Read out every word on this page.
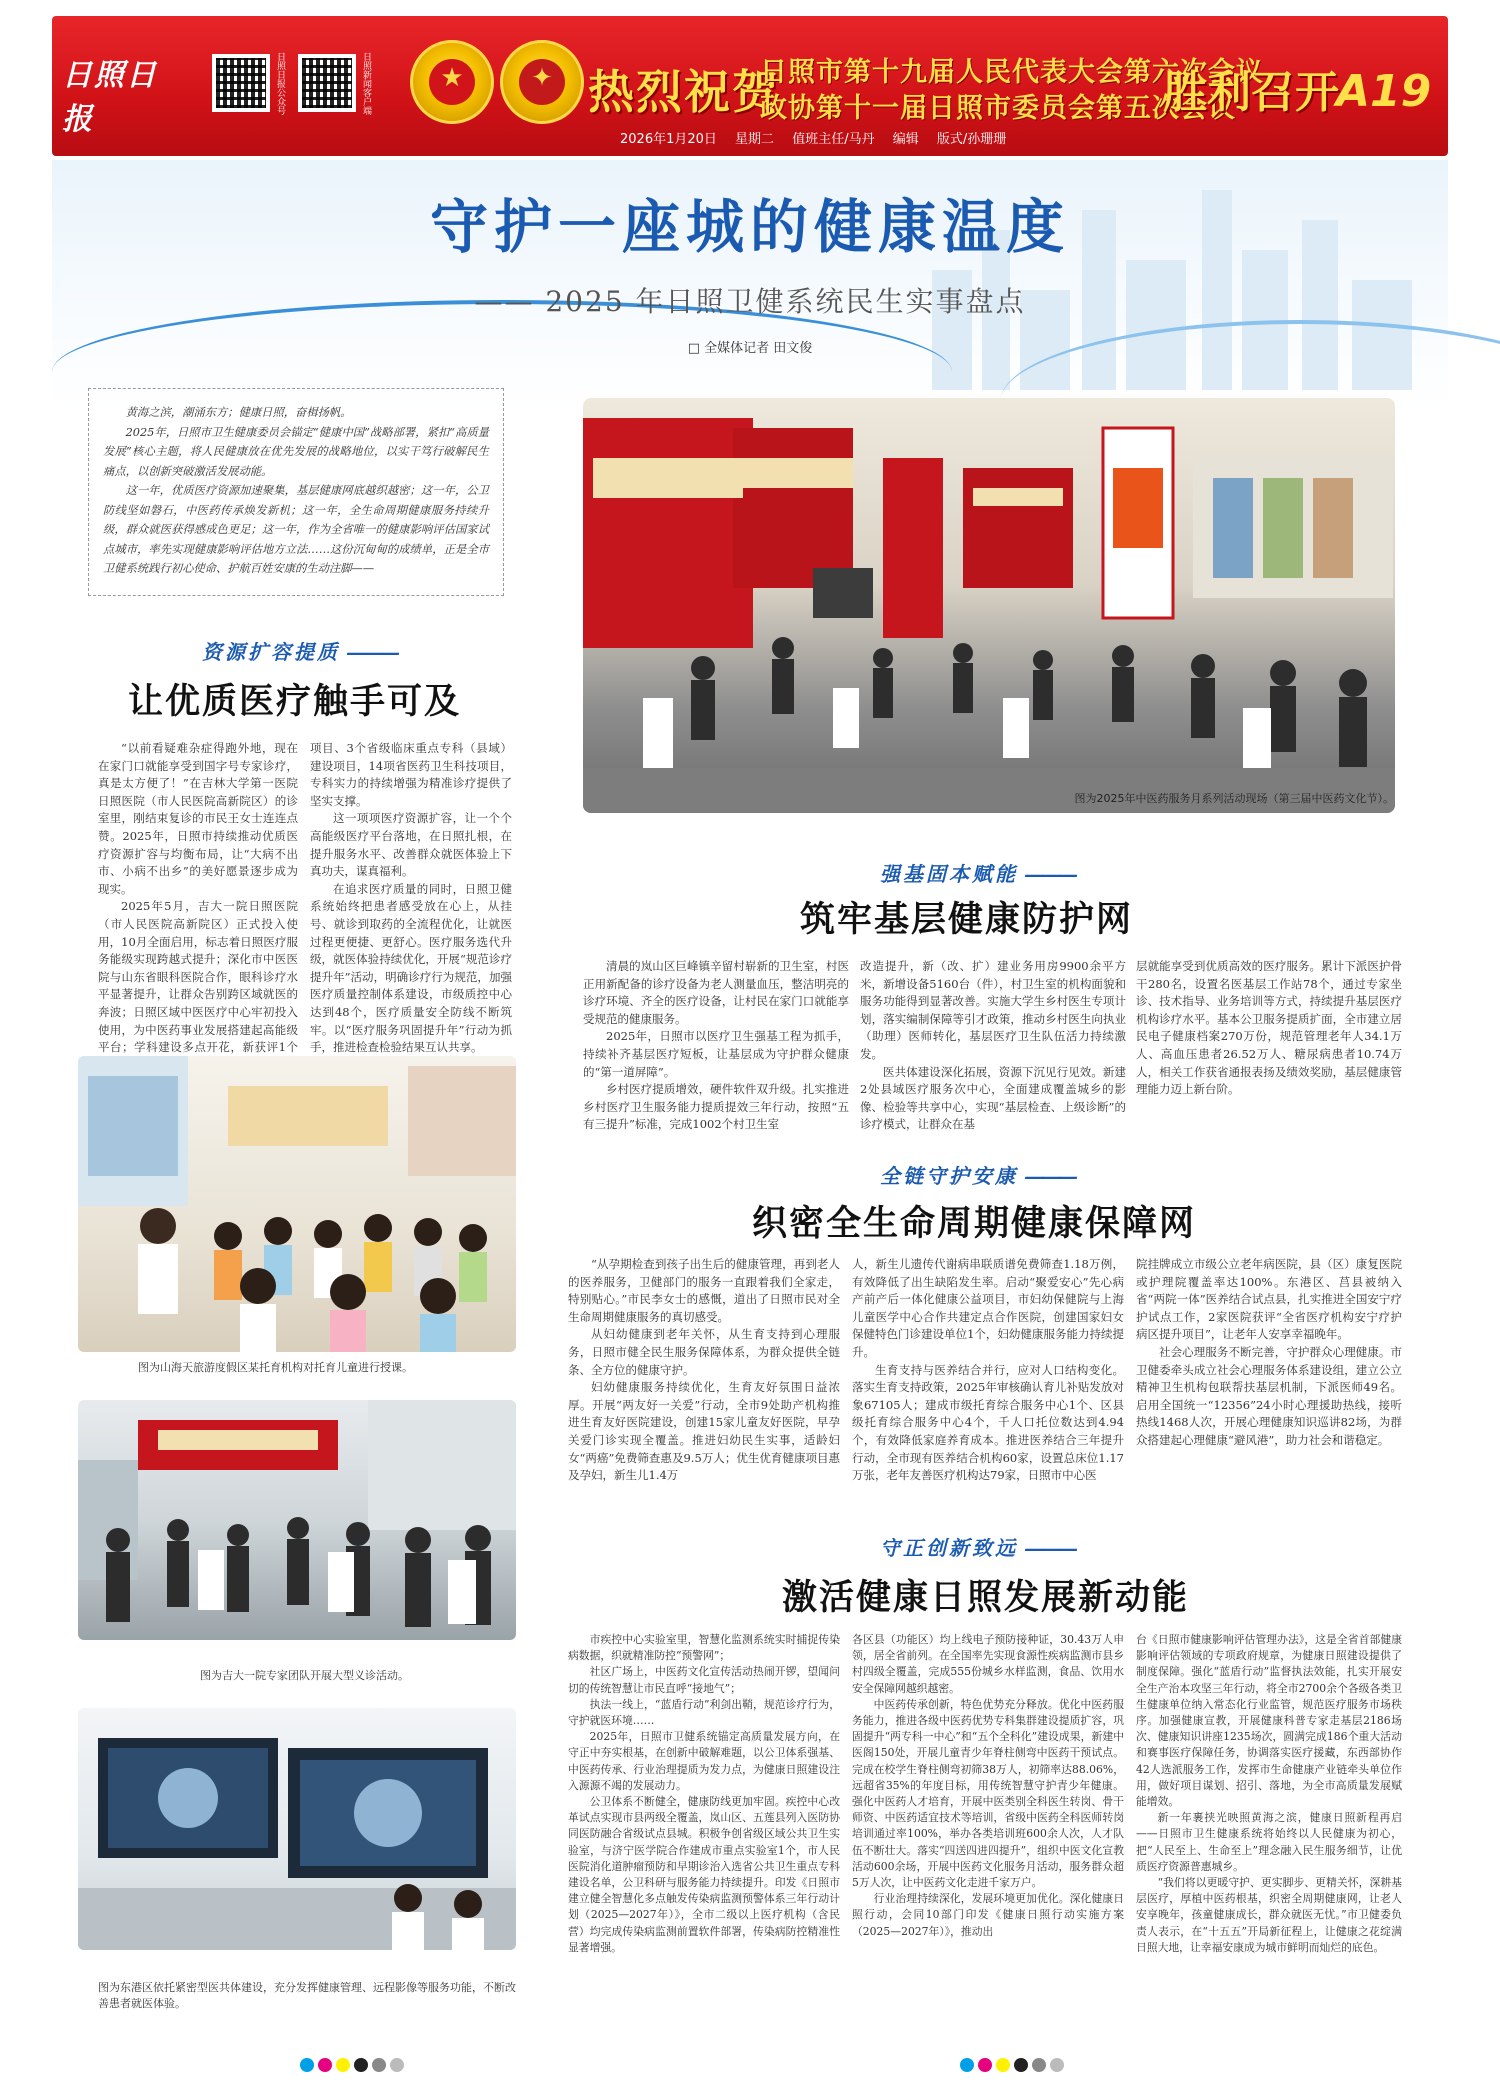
日照日报
日照日报公众号	日照新闻客户端	★	✦ 热烈祝贺
日照市第十九届人民代表大会第六次会议
政协第十一届日照市委员会第五次会议
胜利召开
A19
2026年1月20日 星期二 值班主任/马丹 编辑 版式/孙珊珊
守护一座城的健康温度
—— 2025 年日照卫健系统民生实事盘点
□ 全媒体记者 田文俊

黄海之滨，潮涌东方；健康日照，奋楫扬帆。

2025年，日照市卫生健康委员会锚定“健康中国”战略部署，紧扣“高质量发展”核心主题，将人民健康放在优先发展的战略地位，以实干笃行破解民生痛点，以创新突破激活发展动能。

这一年，优质医疗资源加速聚集，基层健康网底越织越密；这一年，公卫防线坚如磐石，中医药传承焕发新机；这一年，全生命周期健康服务持续升级，群众就医获得感成色更足；这一年，作为全省唯一的健康影响评估国家试点城市，率先实现健康影响评估地方立法……这份沉甸甸的成绩单，正是全市卫健系统践行初心使命、护航百姓安康的生动注脚——

图为2025年中医药服务月系列活动现场（第三届中医药文化节）。
资源扩容提质 ———
让优质医疗触手可及

“以前看疑难杂症得跑外地，现在在家门口就能享受到国字号专家诊疗，真是太方便了！”在吉林大学第一医院日照医院（市人民医院高新院区）的诊室里，刚结束复诊的市民王女士连连点赞。2025年，日照市持续推动优质医疗资源扩容与均衡布局，让“大病不出市、小病不出乡”的美好愿景逐步成为现实。

2025年5月，吉大一院日照医院（市人民医院高新院区）正式投入使用，10月全面启用，标志着日照医疗服务能级实现跨越式提升；深化市中医医院与山东省眼科医院合作，眼科诊疗水平显著提升，让群众告别跨区域就医的奔波；日照区域中医医疗中心牢初投入使用，为中医药事业发展搭建起高能级平台；学科建设多点开花，新获评1个

项目、3个省级临床重点专科（县域）建设项目，14项省医药卫生科技项目，专科实力的持续增强为精准诊疗提供了坚实支撑。

这一项项医疗资源扩容，让一个个高能级医疗平台落地，在日照扎根，在提升服务水平、改善群众就医体验上下真功夫，谋真福利。

在追求医疗质量的同时，日照卫健系统始终把患者感受放在心上，从挂号、就诊到取药的全流程优化，让就医过程更便捷、更舒心。医疗服务选代升级，就医体验持续优化，开展“规范诊疗提升年”活动，明确诊疗行为规范，加强医疗质量控制体系建设，市级质控中心达到48个，医疗质量安全防线不断筑牢。以“医疗服务巩固提升年”行动为抓手，推进检查检验结果互认共享。

图为山海天旅游度假区某托育机构对托育儿童进行授课。
图为吉大一院专家团队开展大型义诊活动。
图为东港区依托紧密型医共体建设，充分发挥健康管理、远程影像等服务功能，不断改善患者就医体验。
强基固本赋能 ———
筑牢基层健康防护网

清晨的岚山区巨峰镇辛留村崭新的卫生室，村医正用新配备的诊疗设备为老人测量血压，整洁明亮的诊疗环境、齐全的医疗设备，让村民在家门口就能享受规范的健康服务。

2025年，日照市以医疗卫生强基工程为抓手，持续补齐基层医疗短板，让基层成为守护群众健康的“第一道屏障”。

乡村医疗提质增效，硬件软件双升级。扎实推进乡村医疗卫生服务能力提质提效三年行动，按照“五有三提升”标准，完成1002个村卫生室

改造提升，新（改、扩）建业务用房9900余平方米，新增设备5160台（件），村卫生室的机构面貌和服务功能得到显著改善。实施大学生乡村医生专项计划，落实编制保障等引才政策，推动乡村医生向执业（助理）医师转化，基层医疗卫生队伍活力持续激发。

医共体建设深化拓展，资源下沉见行见效。新建2处县域医疗服务次中心，全面建成覆盖城乡的影像、检验等共享中心，实现“基层检查、上级诊断”的诊疗模式，让群众在基

层就能享受到优质高效的医疗服务。累计下派医护骨干280名，设置名医基层工作站78个，通过专家坐诊、技术指导、业务培训等方式，持续提升基层医疗机构诊疗水平。基本公卫服务提质扩面，全市建立居民电子健康档案270万份，规范管理老年人34.1万人、高血压患者26.52万人、糖尿病患者10.74万人，相关工作获省通报表扬及绩效奖励，基层健康管理能力迈上新台阶。

全链守护安康 ———
织密全生命周期健康保障网

“从孕期检查到孩子出生后的健康管理，再到老人的医养服务，卫健部门的服务一直跟着我们全家走，特别贴心。”市民李女士的感慨，道出了日照市民对全生命周期健康服务的真切感受。

从妇幼健康到老年关怀，从生育支持到心理服务，日照市健全民生服务保障体系，为群众提供全链条、全方位的健康守护。

妇幼健康服务持续优化，生育友好氛围日益浓厚。开展“两友好一关爱”行动，全市9处助产机构推进生育友好医院建设，创建15家儿童友好医院，早孕关爱门诊实现全覆盖。推进妇幼民生实事，适龄妇女“两癌”免费筛查惠及9.5万人；优生优育健康项目惠及孕妇，新生儿1.4万

人，新生儿遗传代谢病串联质谱免费筛查1.18万例，有效降低了出生缺陷发生率。启动“聚爱安心”先心病产前产后一体化健康公益项目，市妇幼保健院与上海儿童医学中心合作共建定点合作医院，创建国家妇女保健特色门诊建设单位1个，妇幼健康服务能力持续提升。

生育支持与医养结合并行，应对人口结构变化。落实生育支持政策，2025年审核确认育儿补贴发放对象67105人；建成市级托育综合服务中心1个、区县级托育综合服务中心4个，千人口托位数达到4.94个，有效降低家庭养育成本。推进医养结合三年提升行动，全市现有医养结合机构60家，设置总床位1.17万张，老年友善医疗机构达79家，日照市中心医

院挂牌成立市级公立老年病医院，县（区）康复医院或护理院覆盖率达100%。东港区、莒县被纳入省“两院一体”医养结合试点县，扎实推进全国安宁疗护试点工作，2家医院获评“全省医疗机构安宁疗护病区提升项目”，让老年人安享幸福晚年。

社会心理服务不断完善，守护群众心理健康。市卫健委牵头成立社会心理服务体系建设组，建立公立精神卫生机构包联帮扶基层机制，下派医师49名。启用全国统一“12356”24小时心理援助热线，接听热线1468人次，开展心理健康知识巡讲82场，为群众搭建起心理健康“避风港”，助力社会和谐稳定。

守正创新致远 ———
激活健康日照发展新动能

市疾控中心实验室里，智慧化监测系统实时捕捉传染病数据，织就精准防控“预警网”；

社区广场上，中医药文化宣传活动热闹开锣，望闻问切的传统智慧让市民直呼“接地气”；

执法一线上，“蓝盾行动”利剑出鞘，规范诊疗行为，守护就医环境……

2025年，日照市卫健系统锚定高质量发展方向，在守正中夯实根基，在创新中破解难题，以公卫体系强基、中医药传承、行业治理提质为发力点，为健康日照建设注入源源不竭的发展动力。

公卫体系不断健全，健康防线更加牢固。疾控中心改革试点实现市县两级全覆盖，岚山区、五莲县列入医防协同医防融合省级试点县城。积极争创省级区域公共卫生实验室，与济宁医学院合作建成市重点实验室1个，市人民医院消化道肿瘤预防和早期诊治入选省公共卫生重点专科建设名单，公卫科研与服务能力持续提升。印发《日照市建立健全智慧化多点触发传染病监测预警体系三年行动计划（2025—2027年）》，全市二级以上医疗机构（含民营）均完成传染病监测前置软件部署，传染病防控精准性显著增强。

各区县（功能区）均上线电子预防接种证，30.43万人申领，居全省前列。在全国率先实现食源性疾病监测市县乡村四级全覆盖，完成555份城乡水样监测，食品、饮用水安全保障网越织越密。

中医药传承创新，特色优势充分释放。优化中医药服务能力，推进各级中医药优势专科集群建设提质扩容，巩固提升“两专科一中心”和“五个全科化”建设成果，新建中医阁150处，开展儿童青少年脊柱侧弯中医药干预试点。完成在校学生脊柱侧弯初筛38万人，初筛率达88.06%，远超省35%的年度目标，用传统智慧守护青少年健康。强化中医药人才培育，开展中医类别全科医生转岗、骨干师资、中医药适宜技术等培训，省级中医药全科医师转岗培训通过率100%，举办各类培训班600余人次，人才队伍不断壮大。落实“四送四进四提升”，组织中医文化宣教活动600余场，开展中医药文化服务月活动，服务群众超5万人次，让中医药文化走进千家万户。

行业治理持续深化，发展环境更加优化。深化健康日照行动，会同10部门印发《健康日照行动实施方案（2025—2027年）》，推动出

台《日照市健康影响评估管理办法》，这是全省首部健康影响评估领域的专项政府规章，为健康日照建设提供了制度保障。强化“蓝盾行动”监督执法效能，扎实开展安全生产治本攻坚三年行动，将全市2700余个各级各类卫生健康单位纳入常态化行业监管，规范医疗服务市场秩序。加强健康宣教，开展健康科普专家走基层2186场次、健康知识讲座1235场次，圆满完成186个重大活动和赛事医疗保障任务，协调落实医疗援藏，东西部协作42人选派服务工作，发挥市生命健康产业链牵头单位作用，做好项目谋划、招引、落地，为全市高质量发展赋能增效。

新一年裹挟光映照黄海之滨，健康日照新程再启——日照市卫生健康系统将始终以人民健康为初心，把“人民至上、生命至上”理念融入民生服务细节，让优质医疗资源普惠城乡。

“我们将以更暖守护、更实脚步、更精关怀，深耕基层医疗，厚植中医药根基，织密全周期健康网，让老人安享晚年，孩童健康成长，群众就医无忧。”市卫健委负责人表示，在“十五五”开局新征程上，让健康之花绽满日照大地，让幸福安康成为城市鲜明而灿烂的底色。
